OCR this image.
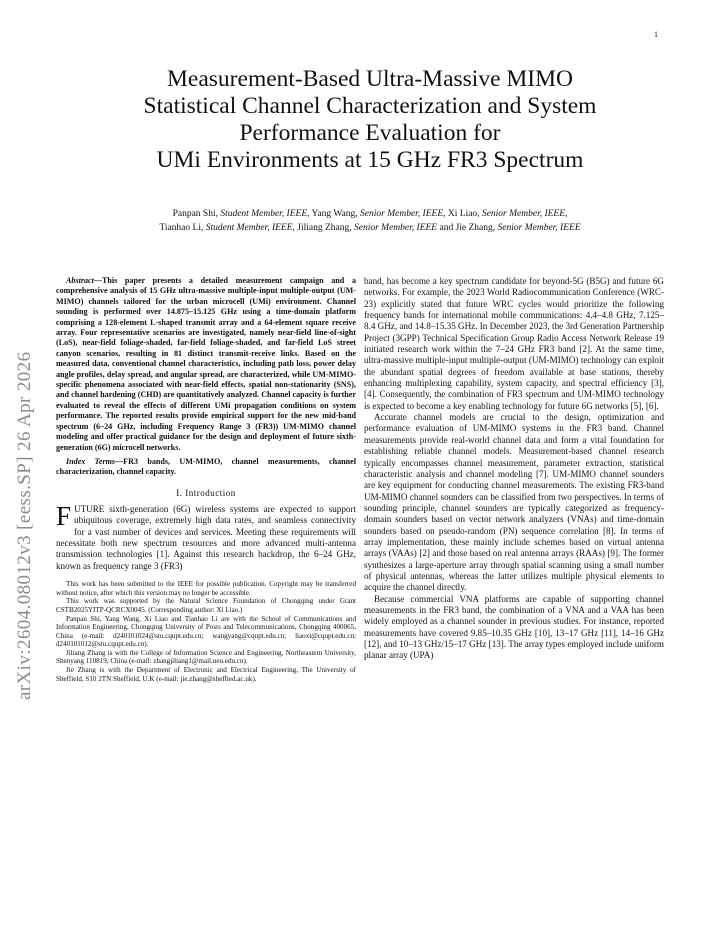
1
arXiv:2604.08012v3 [eess.SP] 26 Apr 2026
Measurement-Based Ultra-Massive MIMO
Statistical Channel Characterization and System
Performance Evaluation for
UMi Environments at 15 GHz FR3 Spectrum
Panpan Shi, Student Member, IEEE, Yang Wang, Senior Member, IEEE, Xi Liao, Senior Member, IEEE,
Tianhao Li, Student Member, IEEE, Jiliang Zhang, Senior Member, IEEE and Jie Zhang, Senior Member, IEEE

Abstract—This paper presents a detailed measurement campaign and a comprehensive analysis of 15 GHz ultra-massive multiple-input multiple-output (UM-MIMO) channels tailored for the urban microcell (UMi) environment. Channel sounding is performed over 14.875–15.125 GHz using a time-domain platform comprising a 128-element L-shaped transmit array and a 64-element square receive array. Four representative scenarios are investigated, namely near-field line-of-sight (LoS), near-field foliage-shaded, far-field foliage-shaded, and far-field LoS street canyon scenarios, resulting in 81 distinct transmit-receive links. Based on the measured data, conventional channel characteristics, including path loss, power delay angle profiles, delay spread, and angular spread, are characterized, while UM-MIMO-specific phenomena associated with near-field effects, spatial non-stationarity (SNS), and channel hardening (CHD) are quantitatively analyzed. Channel capacity is further evaluated to reveal the effects of different UMi propagation conditions on system performance. The reported results provide empirical support for the new mid-band spectrum (6–24 GHz, including Frequency Range 3 (FR3)) UM-MIMO channel modeling and offer practical guidance for the design and deployment of future sixth-generation (6G) microcell networks.

Index Terms—FR3 bands, UM-MIMO, channel measurements, channel characterization, channel capacity.

I. Introduction

FUTURE sixth-generation (6G) wireless systems are expected to support ubiquitous coverage, extremely high data rates, and seamless connectivity for a vast number of devices and services. Meeting these requirements will necessitate both new spectrum resources and more advanced multi-antenna transmission technologies [1]. Against this research backdrop, the 6–24 GHz, known as frequency range 3 (FR3)

This work has been submitted to the IEEE for possible publication. Copyright may be transferred without notice, after which this version may no longer be accessible.

This work was supported by the Natural Science Foundation of Chongqing under Grant CSTB2025YITP-QCRCX0045. (Corresponding author: Xi Liao.)

Panpan Shi, Yang Wang, Xi Liao and Tianhao Li are with the School of Communications and Information Engineering, Chongqing University of Posts and Telecommunications, Chongqing 400065, China (e-mail: d240101024@stu.cqupt.edu.cn; wangyang@cqupt.edu.cn; liaoxi@cqupt.edu.cn; d240101012@stu.cqupt.edu.cn).

Jiliang Zhang is with the College of Information Science and Engineering, Northeastern University, Shenyang 110819, China (e-mail: zhangjiliang1@mail.neu.edu.cn).

Jie Zhang is with the Department of Electronic and Electrical Engineering, The University of Sheffield, S10 2TN Sheffield, U.K (e-mail: jie.zhang@sheffied.ac.uk).

band, has become a key spectrum candidate for beyond-5G (B5G) and future 6G networks. For example, the 2023 World Radiocommunication Conference (WRC-23) explicitly stated that future WRC cycles would prioritize the following frequency bands for international mobile communications: 4.4–4.8 GHz, 7.125–8.4 GHz, and 14.8–15.35 GHz. In December 2023, the 3rd Generation Partnership Project (3GPP) Technical Specification Group Radio Access Network Release 19 initiated research work within the 7–24 GHz FR3 band [2]. At the same time, ultra-massive multiple-input multiple-output (UM-MIMO) technology can exploit the abundant spatial degrees of freedom available at base stations, thereby enhancing multiplexing capability, system capacity, and spectral efficiency [3], [4]. Consequently, the combination of FR3 spectrum and UM-MIMO technology is expected to become a key enabling technology for future 6G networks [5], [6].

Accurate channel models are crucial to the design, optimization and performance evaluation of UM-MIMO systems in the FR3 band. Channel measurements provide real-world channel data and form a vital foundation for establishing reliable channel models. Measurement-based channel research typically encompasses channel measurement, parameter extraction, statistical characteristic analysis and channel modeling [7]. UM-MIMO channel sounders are key equipment for conducting channel measurements. The existing FR3-band UM-MIMO channel sounders can be classified from two perspectives. In terms of sounding principle, channel sounders are typically categorized as frequency-domain sounders based on vector network analyzers (VNAs) and time-domain sounders based on pseudo-random (PN) sequence correlation [8]. In terms of array implementation, these mainly include schemes based on virtual antenna arrays (VAAs) [2] and those based on real antenna arrays (RAAs) [9]. The former synthesizes a large-aperture array through spatial scanning using a small number of physical antennas, whereas the latter utilizes multiple physical elements to acquire the channel directly.

Because commercial VNA platforms are capable of supporting channel measurements in the FR3 band, the combination of a VNA and a VAA has been widely employed as a channel sounder in previous studies. For instance, reported measurements have covered 9.85–10.35 GHz [10], 13–17 GHz [11], 14–16 GHz [12], and 10–13 GHz/15–17 GHz [13]. The array types employed include uniform planar array (UPA)
